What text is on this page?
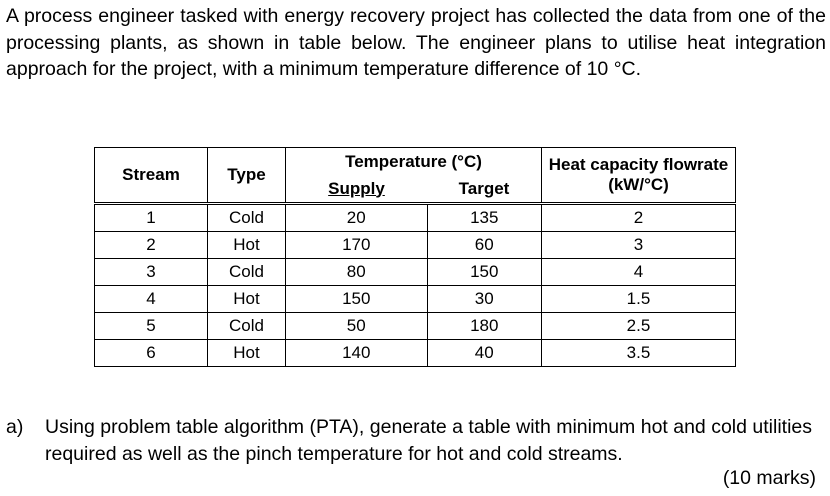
A process engineer tasked with energy recovery project has collected the data from one of the processing plants, as shown in table below. The engineer plans to utilise heat integration approach for the project, with a minimum temperature difference of 10 °C.

Stream	Type	Temperature (°C)		Heat capacity flowrate (kW/°C)
		Supply	Target	
1	Cold	20	135	2
2	Hot	170	60	3
3	Cold	80	150	4
4	Hot	150	30	1.5
5	Cold	50	180	2.5
6	Hot	140	40	3.5
a) Using problem table algorithm (PTA), generate a table with minimum hot and cold utilities required as well as the pinch temperature for hot and cold streams.
(10 marks)
